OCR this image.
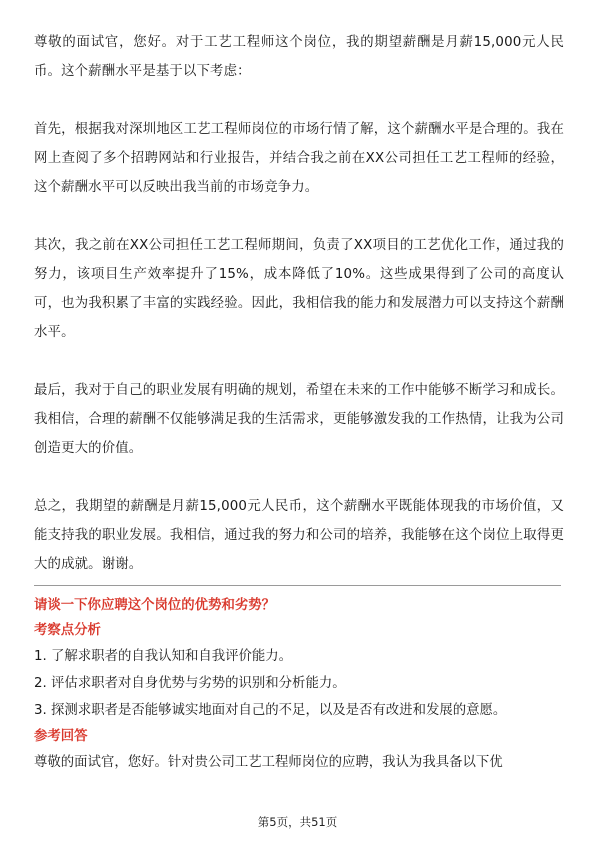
尊敬的面试官，您好。对于工艺工程师这个岗位，我的期望薪酬是月薪15,000元人民币。这个薪酬水平是基于以下考虑：

首先，根据我对深圳地区工艺工程师岗位的市场行情了解，这个薪酬水平是合理的。我在网上查阅了多个招聘网站和行业报告，并结合我之前在XX公司担任工艺工程师的经验，这个薪酬水平可以反映出我当前的市场竞争力。

其次，我之前在XX公司担任工艺工程师期间，负责了XX项目的工艺优化工作，通过我的努力，该项目生产效率提升了15%，成本降低了10%。这些成果得到了公司的高度认可，也为我积累了丰富的实践经验。因此，我相信我的能力和发展潜力可以支持这个薪酬水平。

最后，我对于自己的职业发展有明确的规划，希望在未来的工作中能够不断学习和成长。我相信，合理的薪酬不仅能够满足我的生活需求，更能够激发我的工作热情，让我为公司创造更大的价值。

总之，我期望的薪酬是月薪15,000元人民币，这个薪酬水平既能体现我的市场价值，又能支持我的职业发展。我相信，通过我的努力和公司的培养，我能够在这个岗位上取得更大的成就。谢谢。

请谈一下你应聘这个岗位的优势和劣势？

考察点分析

1. 了解求职者的自我认知和自我评价能力。
2. 评估求职者对自身优势与劣势的识别和分析能力。
3. 探测求职者是否能够诚实地面对自己的不足，以及是否有改进和发展的意愿。

参考回答

尊敬的面试官，您好。针对贵公司工艺工程师岗位的应聘，我认为我具备以下优

第5页，共51页
